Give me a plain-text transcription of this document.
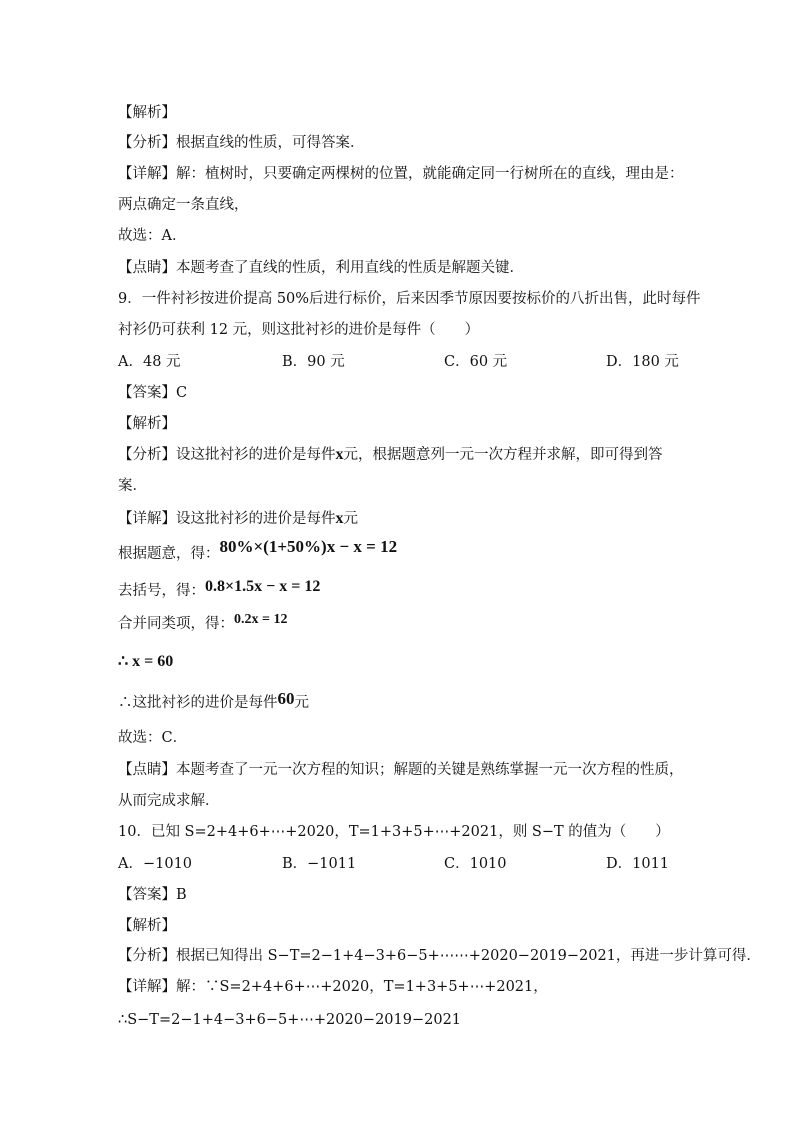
【解析】
【分析】根据直线的性质，可得答案．
【详解】解：植树时，只要确定两棵树的位置，就能确定同一行树所在的直线，理由是：
两点确定一条直线，
故选：A．
【点睛】本题考查了直线的性质，利用直线的性质是解题关键．
9．一件衬衫按进价提高 50%后进行标价，后来因季节原因要按标价的八折出售，此时每件
衬衫仍可获利 12 元，则这批衬衫的进价是每件（　　）
A．48 元	B．90 元	C．60 元	D．180 元
【答案】C
【解析】
【分析】设这批衬衫的进价是每件x元，根据题意列一元一次方程并求解，即可得到答
案．
【详解】设这批衬衫的进价是每件x元
根据题意，得：80%×(1+50%)x − x = 12
去括号，得：0.8×1.5x − x = 12
合并同类项，得：0.2x = 12
∴ x = 60
∴这批衬衫的进价是每件60元
故选：C．
【点睛】本题考查了一元一次方程的知识；解题的关键是熟练掌握一元一次方程的性质，
从而完成求解．
10．已知 S=2+4+6+⋯+2020，T=1+3+5+⋯+2021，则 S−T 的值为（　　）
A．−1010	B．−1011	C．1010	D．1011
【答案】B
【解析】
【分析】根据已知得出 S−T=2−1+4−3+6−5+⋯⋯+2020−2019−2021，再进一步计算可得．
【详解】解：∵S=2+4+6+⋯+2020，T=1+3+5+⋯+2021，
∴S−T=2−1+4−3+6−5+⋯+2020−2019−2021
